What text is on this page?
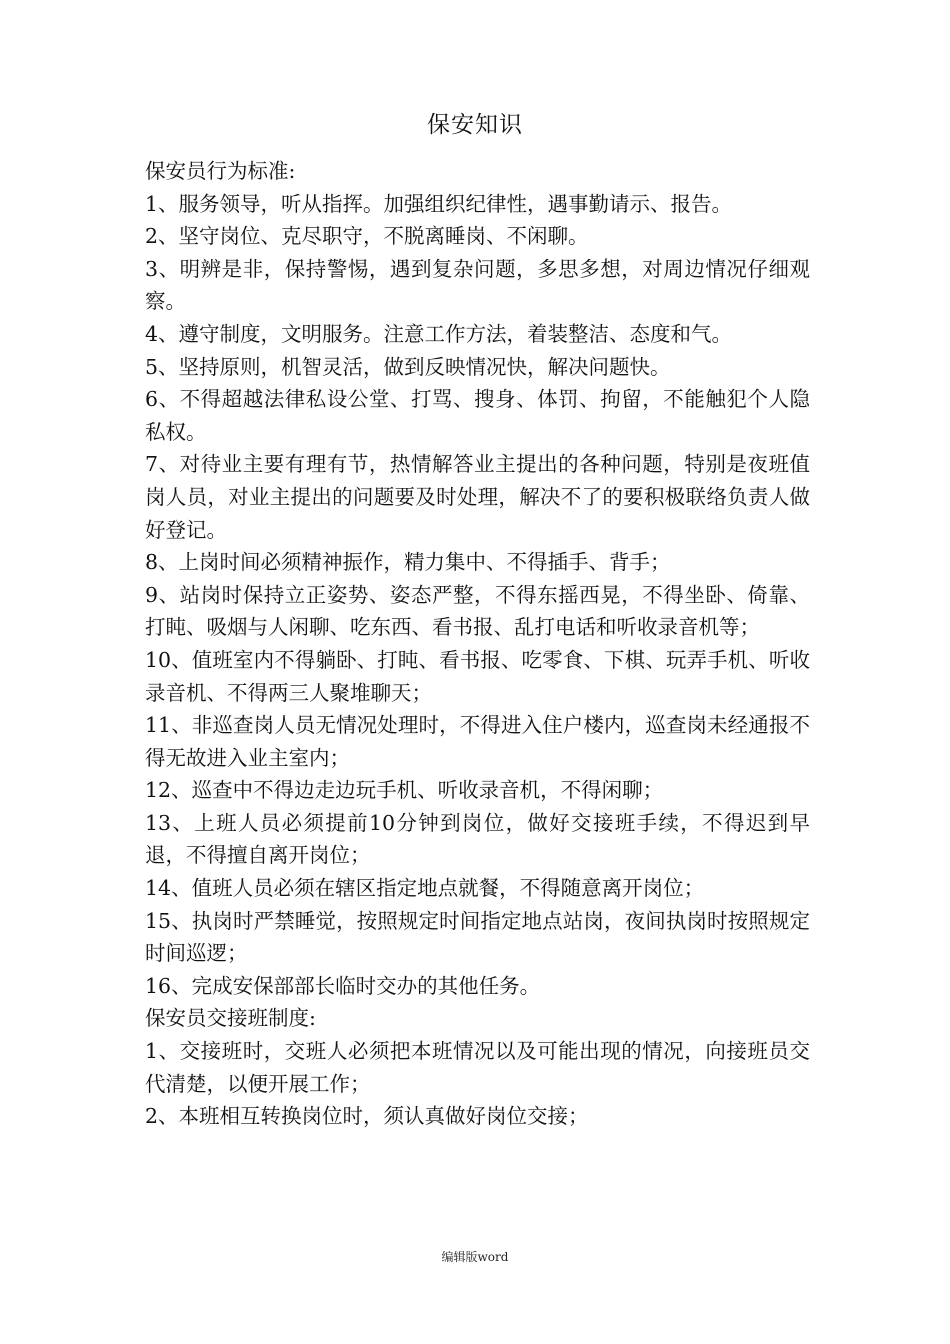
保安知识

保安员行为标准:

1、服务领导，听从指挥。加强组织纪律性，遇事勤请示、报告。

2、坚守岗位、克尽职守，不脱离睡岗、不闲聊。

3、明辨是非，保持警惕，遇到复杂问题，多思多想，对周边情况仔细观察。

4、遵守制度，文明服务。注意工作方法，着装整洁、态度和气。

5、坚持原则，机智灵活，做到反映情况快，解决问题快。

6、不得超越法律私设公堂、打骂、搜身、体罚、拘留，不能触犯个人隐私权。

7、对待业主要有理有节，热情解答业主提出的各种问题，特别是夜班值岗人员，对业主提出的问题要及时处理，解决不了的要积极联络负责人做好登记。

8、上岗时间必须精神振作，精力集中、不得插手、背手；

9、站岗时保持立正姿势、姿态严整，不得东摇西晃，不得坐卧、倚靠、打盹、吸烟与人闲聊、吃东西、看书报、乱打电话和听收录音机等；

10、值班室内不得躺卧、打盹、看书报、吃零食、下棋、玩弄手机、听收录音机、不得两三人聚堆聊天；

11、非巡查岗人员无情况处理时，不得进入住户楼内，巡查岗未经通报不得无故进入业主室内；

12、巡查中不得边走边玩手机、听收录音机，不得闲聊；

13、上班人员必须提前10分钟到岗位，做好交接班手续，不得迟到早退，不得擅自离开岗位；

14、值班人员必须在辖区指定地点就餐，不得随意离开岗位；

15、执岗时严禁睡觉，按照规定时间指定地点站岗，夜间执岗时按照规定时间巡逻；

16、完成安保部部长临时交办的其他任务。

保安员交接班制度:

1、交接班时，交班人必须把本班情况以及可能出现的情况，向接班员交代清楚，以便开展工作；

2、本班相互转换岗位时，须认真做好岗位交接；

编辑版word
